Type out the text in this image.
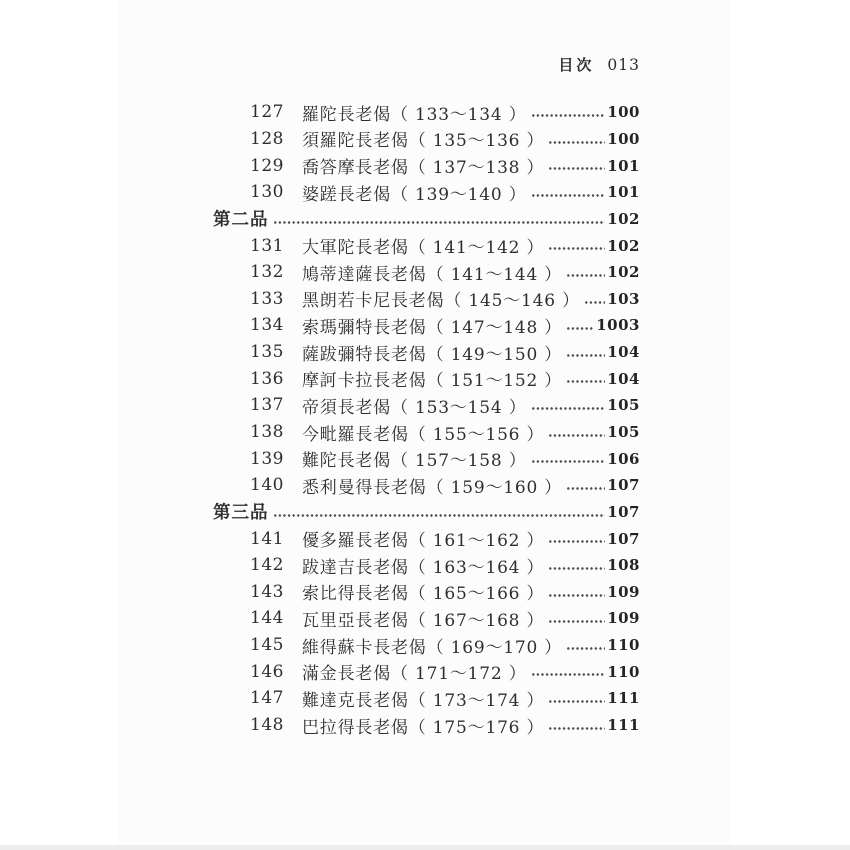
目次 013
127 羅陀長老偈（ 133～134 ）	100
128 須羅陀長老偈（ 135～136 ）	100
129 喬答摩長老偈（ 137～138 ）	101
130 婆蹉長老偈（ 139～140 ）	101
第二品	102
131 大軍陀長老偈（ 141～142 ）	102
132 鳩蒂達薩長老偈（ 141～144 ）	102
133 黑朗若卡尼長老偈（ 145～146 ） 103
134 索瑪彌特長老偈（ 147～148 ） 1003
135 薩跋彌特長老偈（ 149～150 ）	104
136 摩訶卡拉長老偈（ 151～152 ）	104
137 帝須長老偈（ 153～154 ）	105
138 今毗羅長老偈（ 155～156 ）	105
139 難陀長老偈（ 157～158 ）	106
140 悉利曼得長老偈（ 159～160 ）	107
第三品	107
141 優多羅長老偈（ 161～162 ）	107
142 跋達吉長老偈（ 163～164 ）	108
143 索比得長老偈（ 165～166 ）	109
144 瓦里亞長老偈（ 167～168 ）	109
145 維得蘇卡長老偈（ 169～170 ）	110
146 滿金長老偈（ 171～172 ）	110
147 難達克長老偈（ 173～174 ）	111
148 巴拉得長老偈（ 175～176 ）	111
